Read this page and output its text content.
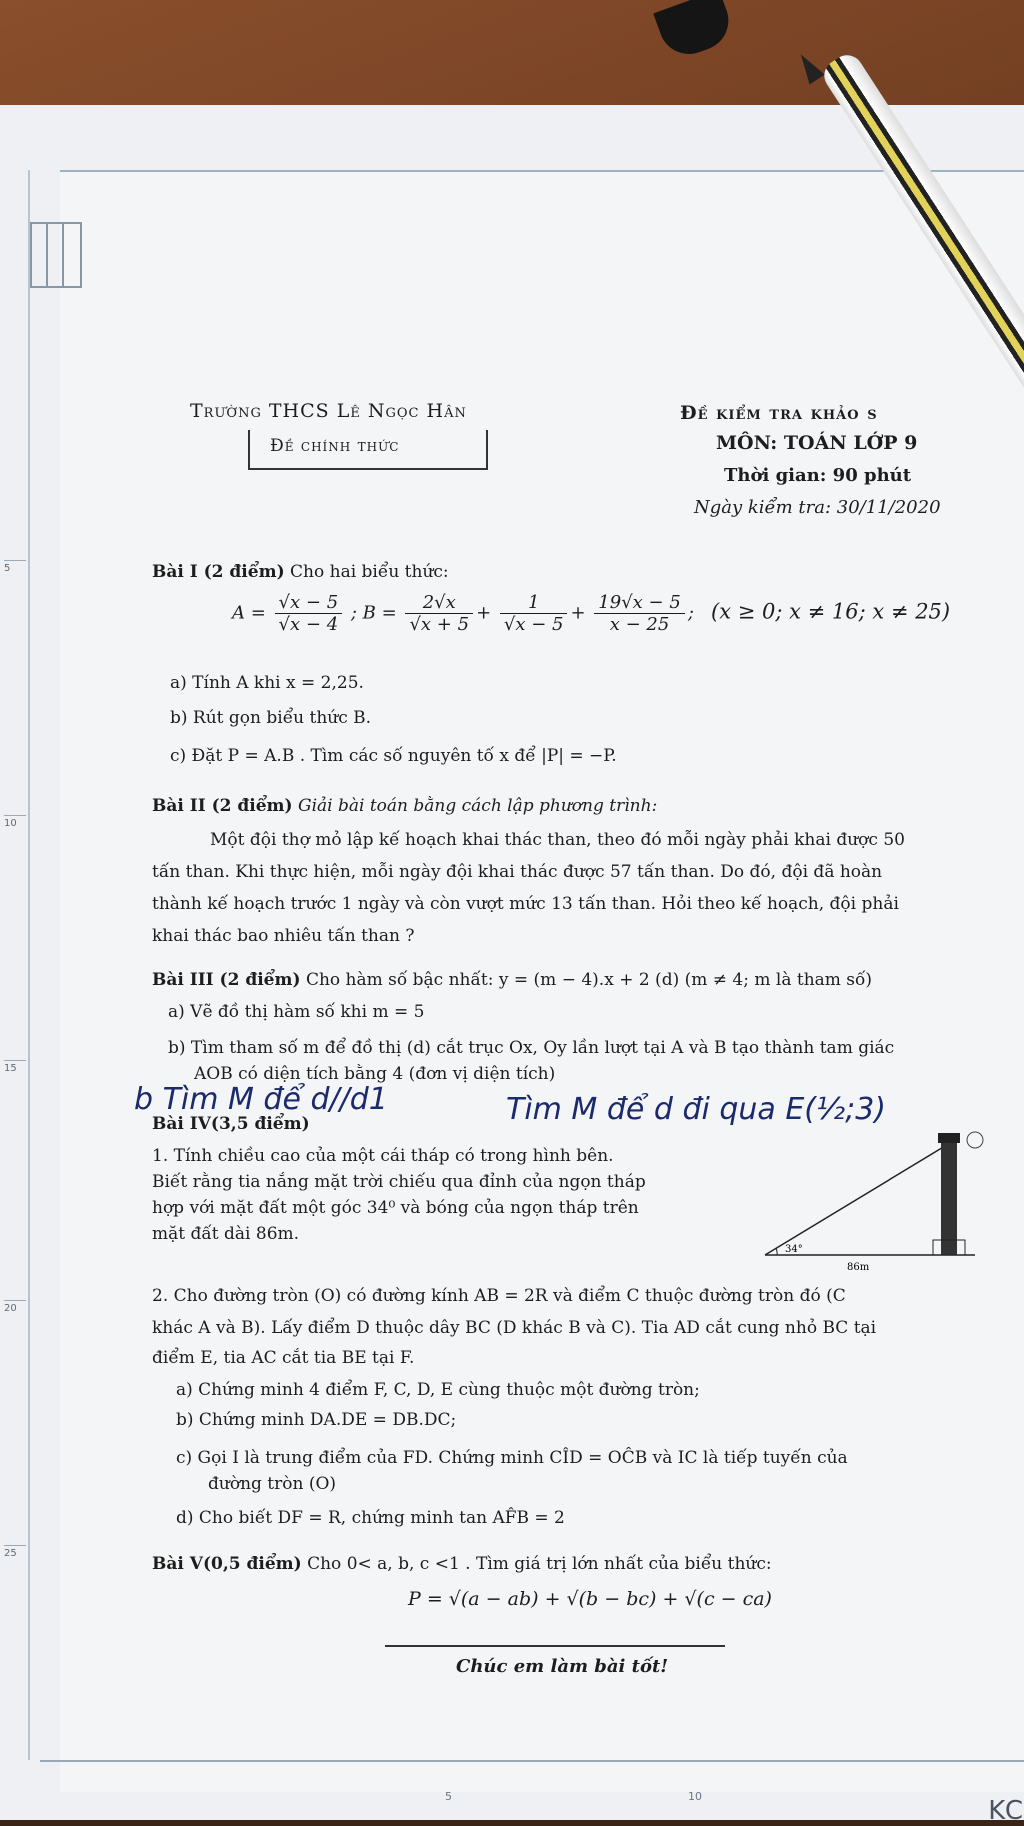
5
10
15
20
25
Trường THCS Lê Ngọc Hân
Đề chính thức
Đề kiểm tra khảo s
MÔN: TOÁN LỚP 9
Thời gian: 90 phút
Ngày kiểm tra: 30/11/2020
Bài I (2 điểm) Cho hai biểu thức:
$A = \frac{√x - 5}{√x - 4}$ ; $B = \frac{2√x}{√x + 5} + \frac{1}{√x - 5} + \frac{19√x - 5}{x - 25}$ ;   (x ≥ 0; x ≠ 16; x ≠ 25)
a) Tính A khi x = 2,25.
b) Rút gọn biểu thức B.
c) Đặt P = A.B . Tìm các số nguyên tố x để |P| = −P.
Bài II (2 điểm) Giải bài toán bằng cách lập phương trình:
Một đội thợ mỏ lập kế hoạch khai thác than, theo đó mỗi ngày phải khai được 50
tấn than. Khi thực hiện, mỗi ngày đội khai thác được 57 tấn than. Do đó, đội đã hoàn
thành kế hoạch trước 1 ngày và còn vượt mức 13 tấn than. Hỏi theo kế hoạch, đội phải
khai thác bao nhiêu tấn than ?
Bài III (2 điểm) Cho hàm số bậc nhất: y = (m − 4).x + 2 (d) (m ≠ 4; m là tham số)
a) Vẽ đồ thị hàm số khi m = 5
b) Tìm tham số m để đồ thị (d) cắt trục Ox, Oy lần lượt tại A và B tạo thành tam giác
AOB có diện tích bằng 4 (đơn vị diện tích)
b Tìm M để d//d1	Tìm M để d đi qua E(½;3)
Bài IV(3,5 điểm)
1. Tính chiều cao của một cái tháp có trong hình bên.
Biết rằng tia nắng mặt trời chiếu qua đỉnh của ngọn tháp
hợp với mặt đất một góc 34⁰ và bóng của ngọn tháp trên
mặt đất dài 86m.
34°
86m
2. Cho đường tròn (O) có đường kính AB = 2R và điểm C thuộc đường tròn đó (C
khác A và B). Lấy điểm D thuộc dây BC (D khác B và C). Tia AD cắt cung nhỏ BC tại
điểm E, tia AC cắt tia BE tại F.
a) Chứng minh 4 điểm F, C, D, E cùng thuộc một đường tròn;
b) Chứng minh DA.DE = DB.DC;
c) Gọi I là trung điểm của FD. Chứng minh CÎD = OĈB và IC là tiếp tuyến của
đường tròn (O)
d) Cho biết DF = R, chứng minh tan AF̂B = 2
Bài V(0,5 điểm) Cho 0< a, b, c <1 . Tìm giá trị lớn nhất của biểu thức:
P = √(a − ab) + √(b − bc) + √(c − ca)
Chúc em làm bài tốt!
5	10	KC
